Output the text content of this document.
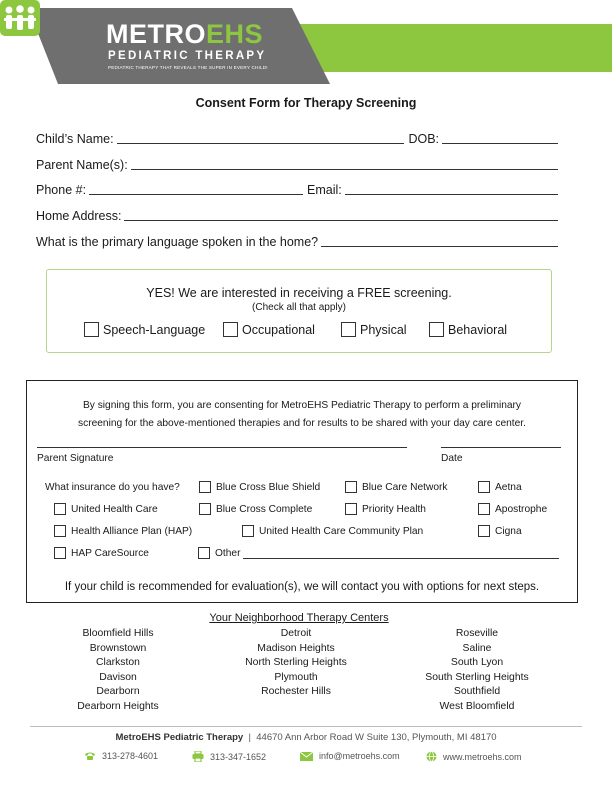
METROEHS
PEDIATRIC THERAPY
PEDIATRIC THERAPY THAT REVEALS THE SUPER IN EVERY CHILD!
Consent Form for Therapy Screening
Child’s Name:	DOB:
Parent Name(s):
Phone #:	Email:
Home Address:
What is the primary language spoken in the home?
YES! We are interested in receiving a FREE screening.
(Check all that apply)
Speech-Language	Occupational	Physical	Behavioral
By signing this form, you are consenting for MetroEHS Pediatric Therapy to perform a preliminary
screening for the above-mentioned therapies and for results to be shared with your day care center.
Parent Signature	Date
What insurance do you have?	Blue Cross Blue Shield	Blue Care Network	Aetna
United Health Care	Blue Cross Complete	Priority Health	Apostrophe
Health Alliance Plan (HAP)	United Health Care Community Plan	Cigna
HAP CareSource	Other
If your child is recommended for evaluation(s), we will contact you with options for next steps.
Your Neighborhood Therapy Centers
Bloomfield Hills
Brownstown
Clarkston
Davison
Dearborn
Dearborn Heights
Detroit
Madison Heights
North Sterling Heights
Plymouth
Rochester Hills
Roseville
Saline
South Lyon
South Sterling Heights
Southfield
West Bloomfield
MetroEHS Pediatric Therapy | 44670 Ann Arbor Road W Suite 130, Plymouth, MI 48170
313-278-4601	313-347-1652	info@metroehs.com	www.metroehs.com
